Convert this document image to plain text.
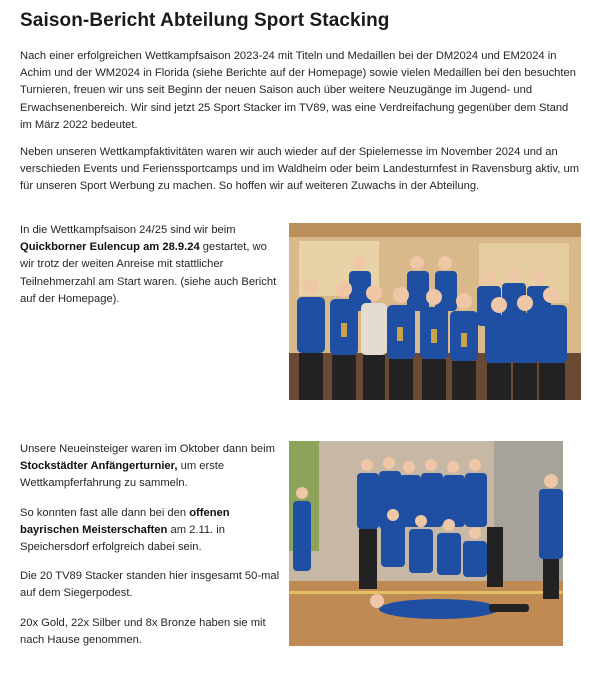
Saison-Bericht Abteilung Sport Stacking
Nach einer erfolgreichen Wettkampfsaison 2023-24 mit Titeln und Medaillen bei der DM2024 und EM2024 in Achim und der WM2024 in Florida (siehe Berichte auf der Homepage) sowie vielen Medaillen bei den besuchten Turnieren, freuen wir uns seit Beginn der neuen Saison auch über weitere Neuzugänge im Jugend- und Erwachsenenbereich. Wir sind jetzt 25 Sport Stacker im TV89, was eine Verdreifachung gegenüber dem Stand im März 2022 bedeutet.
Neben unseren Wettkampfaktivitäten waren wir auch wieder auf der Spielemesse im November 2024 und an verschieden Events und Ferienssportcamps und im Waldheim oder beim Landesturnfest in Ravensburg aktiv, um für unseren Sport Werbung zu machen. So hoffen wir auf weiteren Zuwachs in der Abteilung.
In die Wettkampfsaison 24/25 sind wir beim Quickborner Eulencup am 28.9.24 gestartet, wo wir trotz der weiten Anreise mit stattlicher Teilnehmerzahl am Start waren. (siehe auch Bericht auf der Homepage).

Unsere Neueinsteiger waren im Oktober dann beim Stockstädter Anfängerturnier, um erste Wettkampferfahrung zu sammeln.

So konnten fast alle dann bei den offenen bayrischen Meisterschaften am 2.11. in Speichersdorf erfolgreich dabei sein.

Die 20 TV89 Stacker standen hier insgesamt 50-mal auf dem Siegerpodest.

20x Gold, 22x Silber und 8x Bronze haben sie mit nach Hause genommen.
